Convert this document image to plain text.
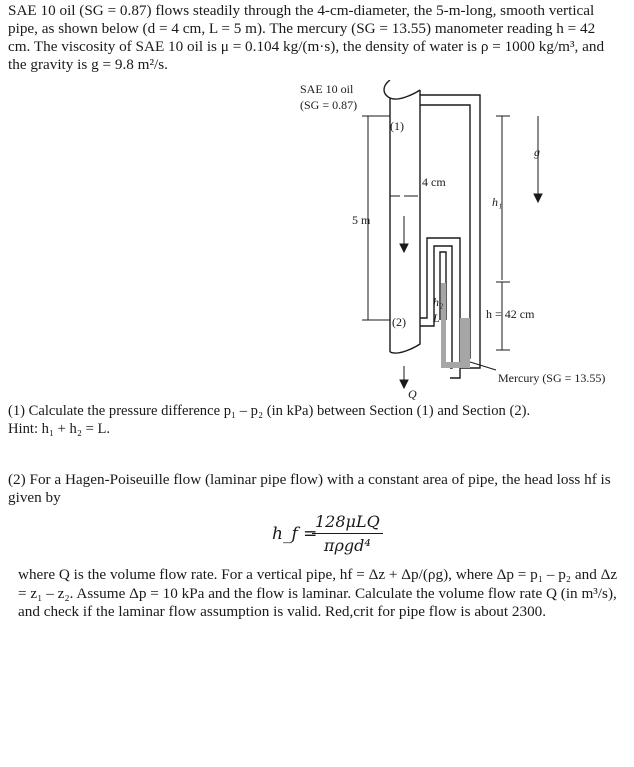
SAE 10 oil (SG = 0.87) flows steadily through the 4-cm-diameter, the 5-m-long, smooth vertical

pipe, as shown below (d = 4 cm, L = 5 m). The mercury (SG = 13.55) manometer reading h = 42

cm. The viscosity of SAE 10 oil is μ = 0.104 kg/(m·s), the density of water is ρ = 1000 kg/m³, and

the gravity is g = 9.8 m²/s.

SAE 10 oil
(SG = 0.87)
(1)
(2)
4 cm
5 m
g
h₁
h₂
L	h = 42 cm
Mercury (SG = 13.55)
Q

(1) Calculate the pressure difference p₁ – p₂ (in kPa) between Section (1) and Section (2).

Hint: h₁ + h₂ = L.

(2) For a Hagen-Poiseuille flow (laminar pipe flow) with a constant area of pipe, the head loss hf is

given by

h_f =
128μLQ
πρgd⁴

where Q is the volume flow rate. For a vertical pipe, hf = Δz + Δp/(ρg), where Δp = p₁ – p₂ and Δz

= z₁ – z₂. Assume Δp = 10 kPa and the flow is laminar. Calculate the volume flow rate Q (in m³/s),

and check if the laminar flow assumption is valid. Red,crit for pipe flow is about 2300.
